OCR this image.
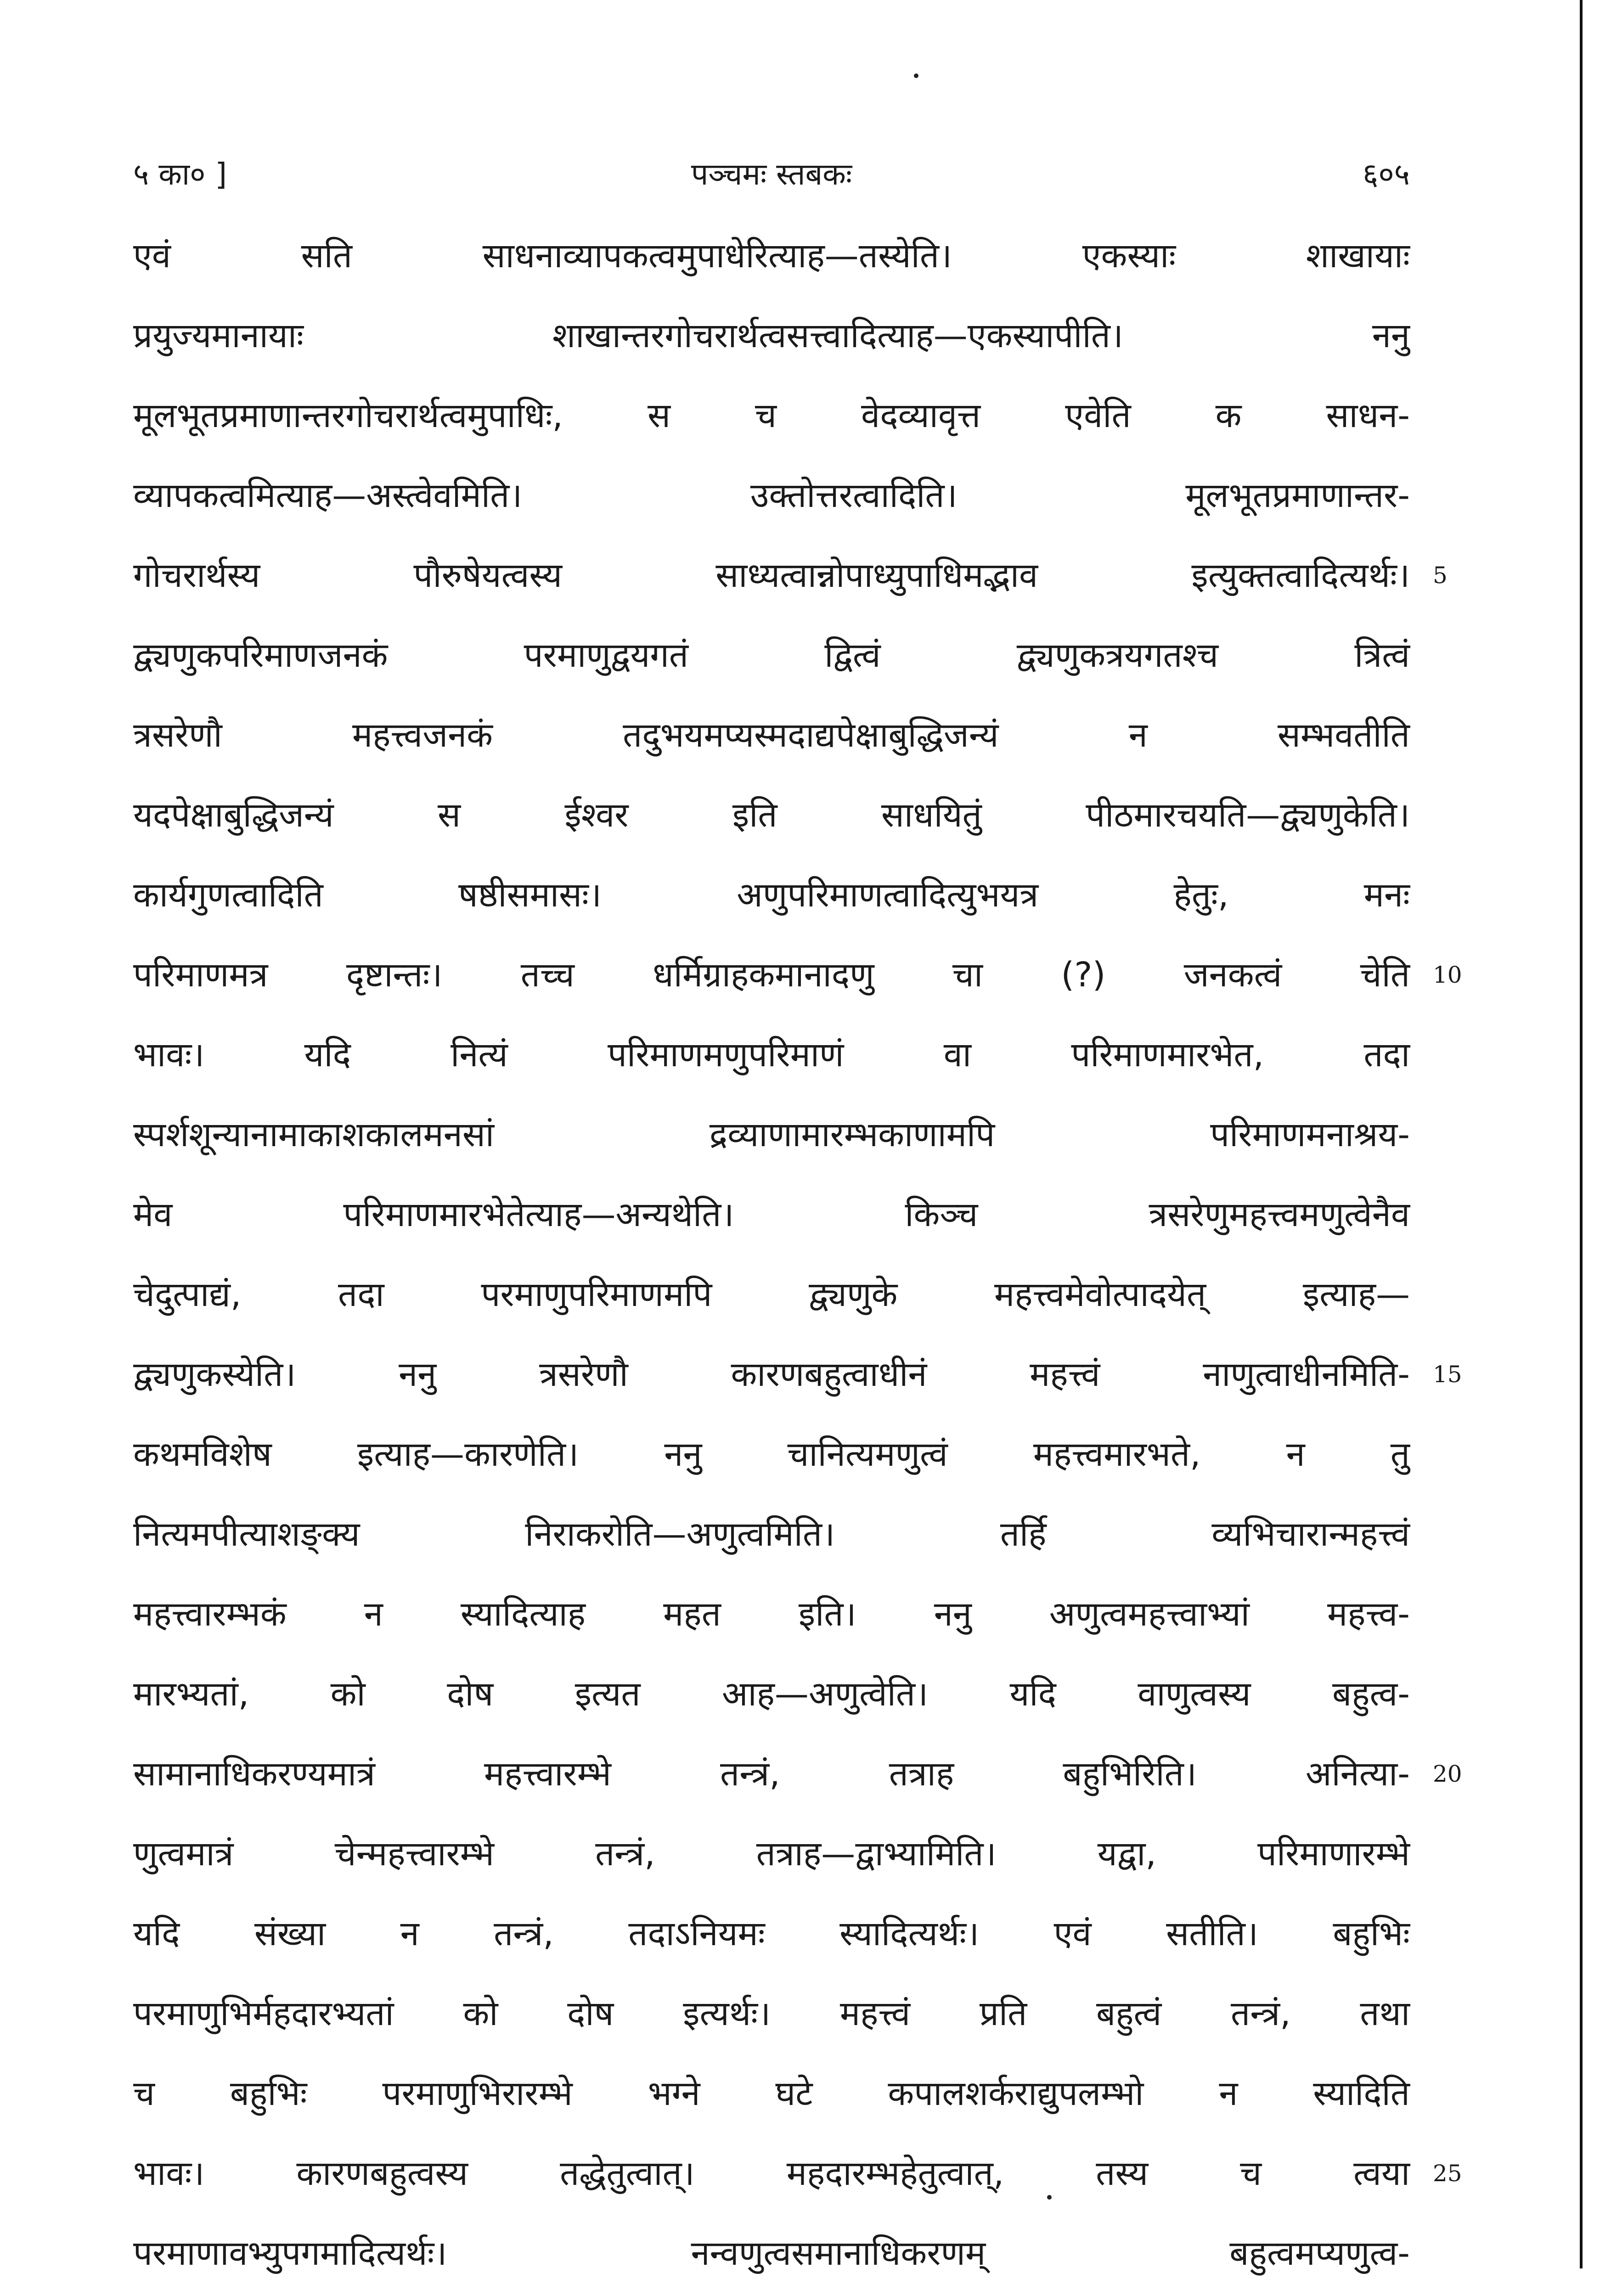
५ का० ]	पञ्चमः स्तबकः	६०५
एवं सति साधनाव्यापकत्वमुपाधेरित्याह—तस्येति। एकस्याः शाखायाः
प्रयुज्यमानायाः शाखान्तरगोचरार्थत्वसत्त्वादित्याह—एकस्यापीति। ननु
मूलभूतप्रमाणान्तरगोचरार्थत्वमुपाधिः, स च वेदव्यावृत्त एवेति क साधन-
व्यापकत्वमित्याह—अस्त्वेवमिति। उक्तोत्तरत्वादिति। मूलभूतप्रमाणान्तर-
गोचरार्थस्य पौरुषेयत्वस्य साध्यत्वान्नोपाध्युपाधिमद्भाव इत्युक्तत्वादित्यर्थः। 5
द्व्यणुकपरिमाणजनकं परमाणुद्वयगतं द्वित्वं द्व्यणुकत्रयगतश्च त्रित्वं
त्रसरेणौ महत्त्वजनकं तदुभयमप्यस्मदाद्यपेक्षाबुद्धिजन्यं न सम्भवतीति
यदपेक्षाबुद्धिजन्यं स ईश्वर इति साधयितुं पीठमारचयति—द्व्यणुकेति।
कार्यगुणत्वादिति षष्ठीसमासः। अणुपरिमाणत्वादित्युभयत्र हेतुः, मनः
परिमाणमत्र दृष्टान्तः। तच्च धर्मिग्राहकमानादणु चा (?) जनकत्वं चेति 10
भावः। यदि नित्यं परिमाणमणुपरिमाणं वा परिमाणमारभेत, तदा
स्पर्शशून्यानामाकाशकालमनसां द्रव्याणामारम्भकाणामपि परिमाणमनाश्रय-
मेव परिमाणमारभेतेत्याह—अन्यथेति। किञ्च त्रसरेणुमहत्त्वमणुत्वेनैव
चेदुत्पाद्यं, तदा परमाणुपरिमाणमपि द्व्यणुके महत्त्वमेवोत्पादयेत् इत्याह—
द्व्यणुकस्येति। ननु त्रसरेणौ कारणबहुत्वाधीनं महत्त्वं नाणुत्वाधीनमिति- 15
कथमविशेष इत्याह—कारणेति। ननु चानित्यमणुत्वं महत्त्वमारभते, न तु
नित्यमपीत्याशङ्क्य निराकरोति—अणुत्वमिति। तर्हि व्यभिचारान्महत्त्वं
महत्त्वारम्भकं न स्यादित्याह महत इति। ननु अणुत्वमहत्त्वाभ्यां महत्त्व-
मारभ्यतां, को दोष इत्यत आह—अणुत्वेति। यदि वाणुत्वस्य बहुत्व-
सामानाधिकरण्यमात्रं महत्त्वारम्भे तन्त्रं, तत्राह बहुभिरिति। अनित्या- 20
णुत्वमात्रं चेन्महत्त्वारम्भे तन्त्रं, तत्राह—द्वाभ्यामिति। यद्वा, परिमाणारम्भे
यदि संख्या न तन्त्रं, तदाऽनियमः स्यादित्यर्थः। एवं सतीति। बहुभिः
परमाणुभिर्महदारभ्यतां को दोष इत्यर्थः। महत्त्वं प्रति बहुत्वं तन्त्रं, तथा
च बहुभिः परमाणुभिरारम्भे भग्ने घटे कपालशर्कराद्युपलम्भो न स्यादिति
भावः। कारणबहुत्वस्य तद्धेतुत्वात्। महदारम्भहेतुत्वात्, तस्य च त्वया 25
परमाणावभ्युपगमादित्यर्थः। नन्वणुत्वसमानाधिकरणम् बहुत्वमप्यणुत्व-
